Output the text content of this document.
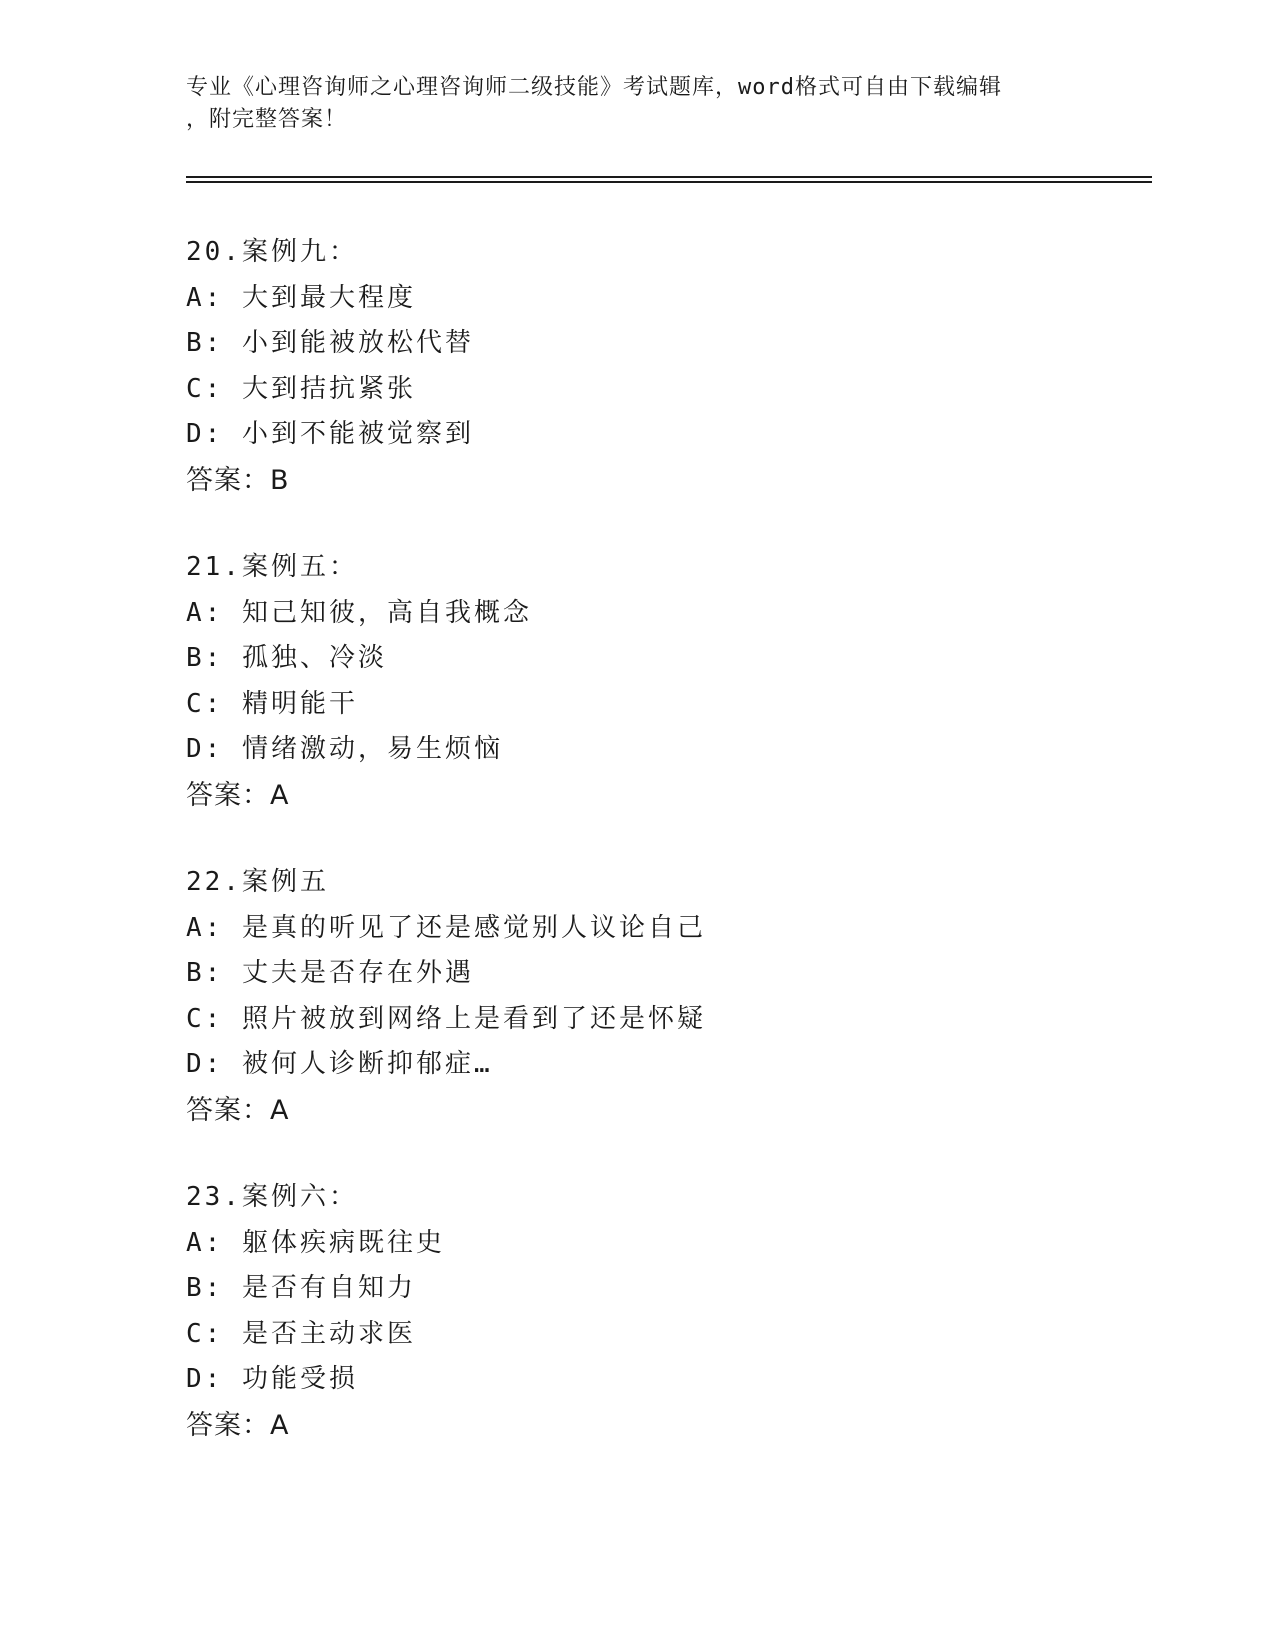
专业《心理咨询师之心理咨询师二级技能》考试题库，word格式可自由下载编辑
，附完整答案！
20.案例九：
A: 大到最大程度
B: 小到能被放松代替
C: 大到拮抗紧张
D: 小到不能被觉察到
答案：B
21.案例五：
A: 知己知彼，高自我概念
B: 孤独、冷淡
C: 精明能干
D: 情绪激动，易生烦恼
答案：A
22.案例五
A: 是真的听见了还是感觉别人议论自己
B: 丈夫是否存在外遇
C: 照片被放到网络上是看到了还是怀疑
D: 被何人诊断抑郁症…
答案：A
23.案例六：
A: 躯体疾病既往史
B: 是否有自知力
C: 是否主动求医
D: 功能受损
答案：A
